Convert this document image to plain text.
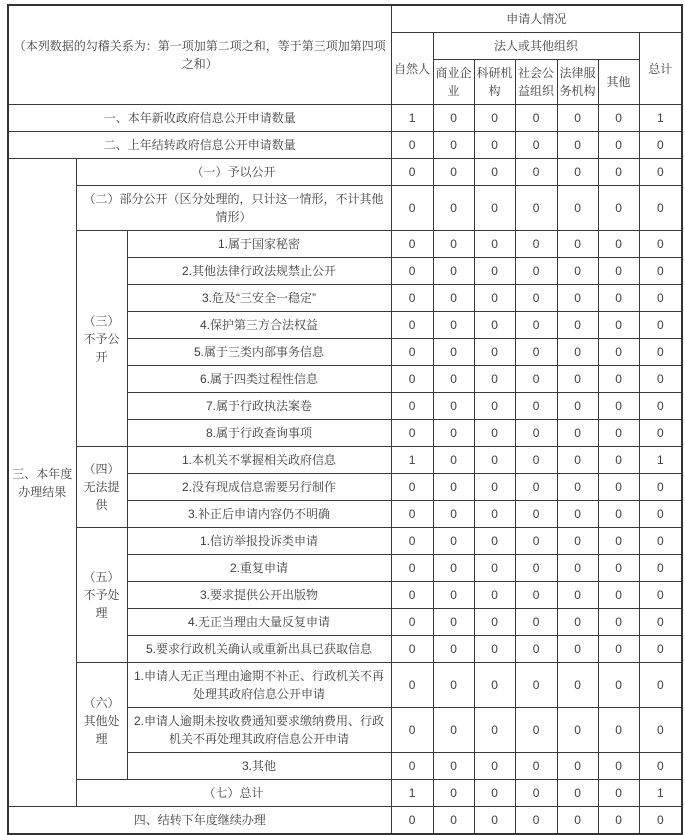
（本列数据的勾稽关系为：第一项加第二项之和，等于第三项加第四项之和）			申请人情况						
			自然人	法人或其他组织					总计
				商业企业	科研机构	社会公益组织	法律服务机构	其他	
一、本年新收政府信息公开申请数量			1	0	0	0	0	0	1
二、上年结转政府信息公开申请数量			0	0	0	0	0	0	0
三、本年度办理结果	（一）予以公开		0	0	0	0	0	0	0
	（二）部分公开（区分处理的，只计这一情形，不计其他情形）		0	0	0	0	0	0	0
	（三）不予公开	1.属于国家秘密	0	0	0	0	0	0	0
		2.其他法律行政法规禁止公开	0	0	0	0	0	0	0
		3.危及“三安全一稳定”	0	0	0	0	0	0	0
		4.保护第三方合法权益	0	0	0	0	0	0	0
		5.属于三类内部事务信息	0	0	0	0	0	0	0
		6.属于四类过程性信息	0	0	0	0	0	0	0
		7.属于行政执法案卷	0	0	0	0	0	0	0
		8.属于行政查询事项	0	0	0	0	0	0	0
	（四）无法提供	1.本机关不掌握相关政府信息	1	0	0	0	0	0	1
		2.没有现成信息需要另行制作	0	0	0	0	0	0	0
		3.补正后申请内容仍不明确	0	0	0	0	0	0	0
	（五）不予处理	1.信访举报投诉类申请	0	0	0	0	0	0	0
		2.重复申请	0	0	0	0	0	0	0
		3.要求提供公开出版物	0	0	0	0	0	0	0
		4.无正当理由大量反复申请	0	0	0	0	0	0	0
		5.要求行政机关确认或重新出具已获取信息	0	0	0	0	0	0	0
	（六）其他处理	1.申请人无正当理由逾期不补正、行政机关不再处理其政府信息公开申请	0	0	0	0	0	0	0
		2.申请人逾期未按收费通知要求缴纳费用、行政机关不再处理其政府信息公开申请	0	0	0	0	0	0	0
		3.其他	0	0	0	0	0	0	0
	（七）总计		1	0	0	0	0	0	1
四、结转下年度继续办理			0	0	0	0	0	0	0
